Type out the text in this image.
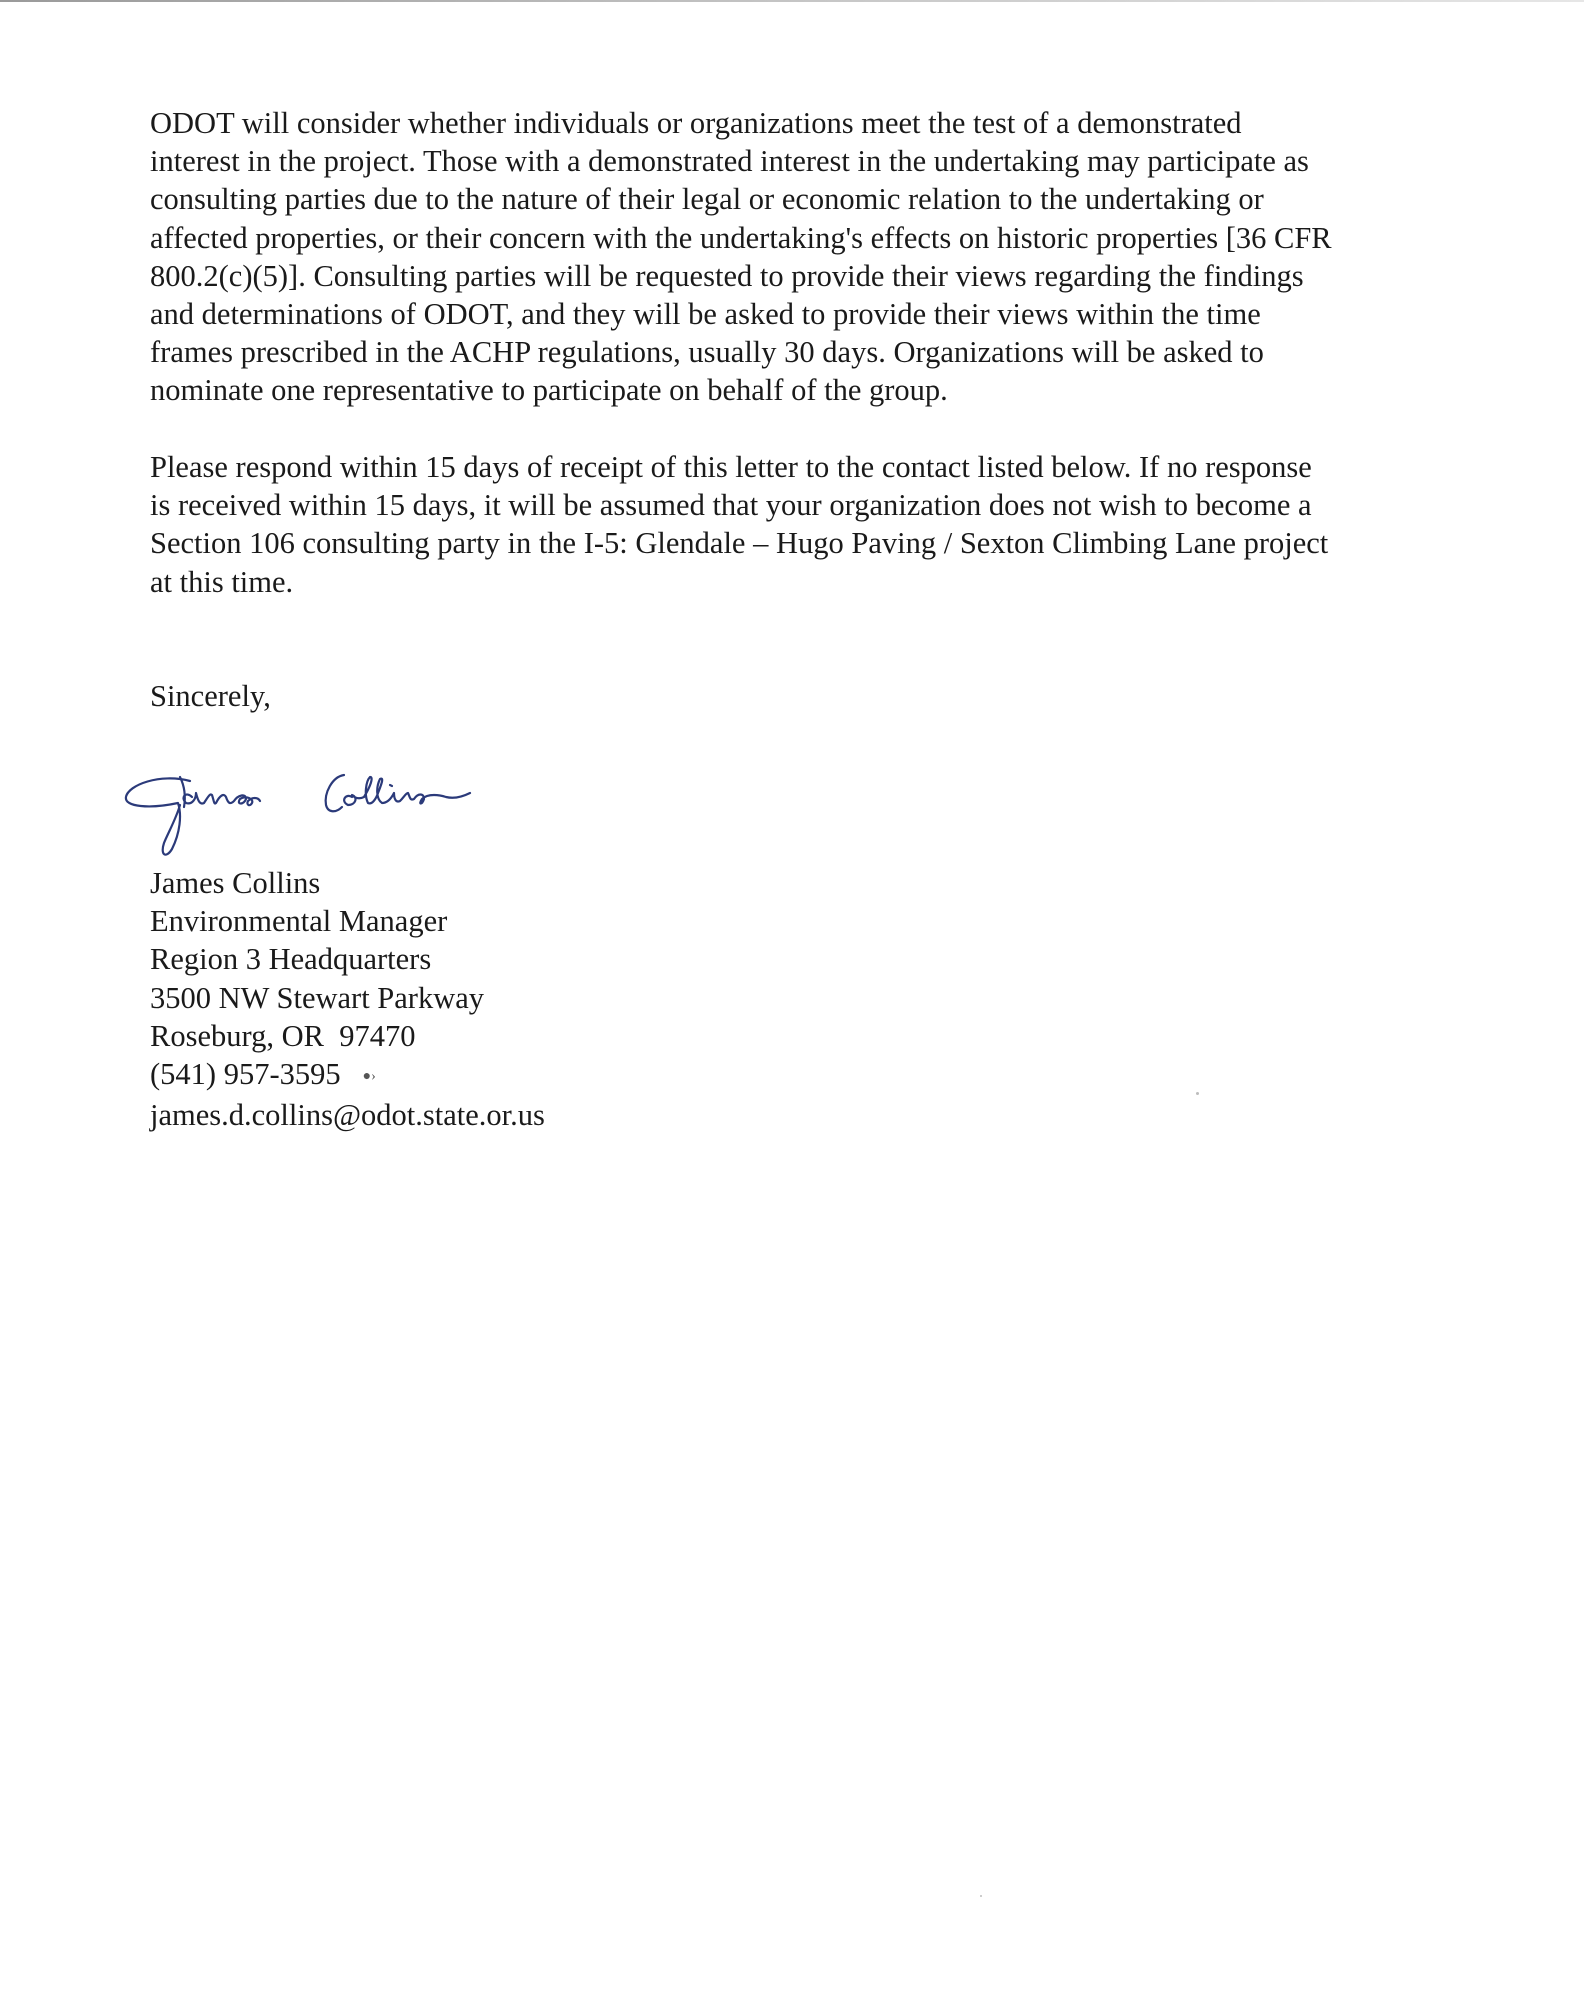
ODOT will consider whether individuals or organizations meet the test of a demonstrated
interest in the project. Those with a demonstrated interest in the undertaking may participate as
consulting parties due to the nature of their legal or economic relation to the undertaking or
affected properties, or their concern with the undertaking's effects on historic properties [36 CFR
800.2(c)(5)]. Consulting parties will be requested to provide their views regarding the findings
and determinations of ODOT, and they will be asked to provide their views within the time
frames prescribed in the ACHP regulations, usually 30 days. Organizations will be asked to
nominate one representative to participate on behalf of the group.

Please respond within 15 days of receipt of this letter to the contact listed below. If no response
is received within 15 days, it will be assumed that your organization does not wish to become a
Section 106 consulting party in the I-5: Glendale – Hugo Paving / Sexton Climbing Lane project
at this time.

Sincerely,
James Collins
Environmental Manager
Region 3 Headquarters
3500 NW Stewart Parkway
Roseburg, OR  97470
(541) 957-3595 ●›
james.d.collins@odot.state.or.us
